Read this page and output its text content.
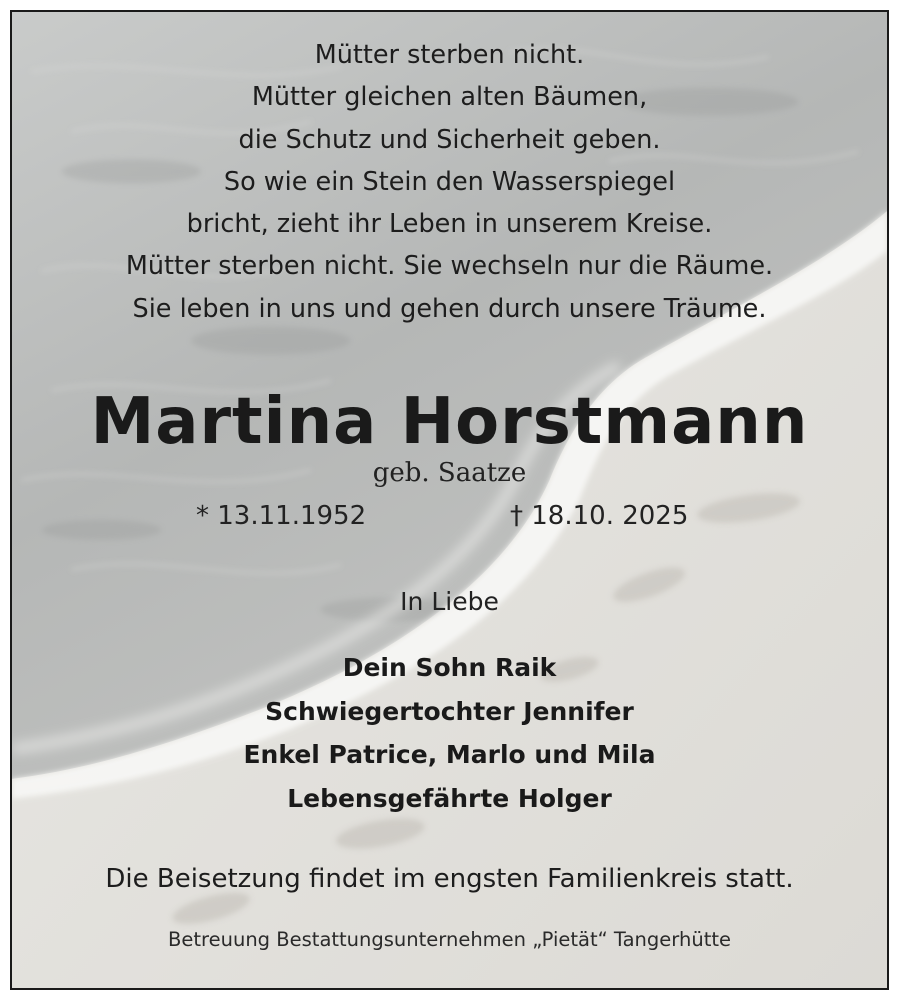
Mütter sterben nicht.
Mütter gleichen alten Bäumen,
die Schutz und Sicherheit geben.
So wie ein Stein den Wasserspiegel
bricht, zieht ihr Leben in unserem Kreise.
Mütter sterben nicht. Sie wechseln nur die Räume.
Sie leben in uns und gehen durch unsere Träume.
Martina Horstmann
geb. Saatze
* 13.11.1952	† 18.10. 2025
In Liebe
Dein Sohn Raik
Schwiegertochter Jennifer
Enkel Patrice, Marlo und Mila
Lebensgefährte Holger
Die Beisetzung findet im engsten Familienkreis statt.
Betreuung Bestattungsunternehmen „Pietät“ Tangerhütte
